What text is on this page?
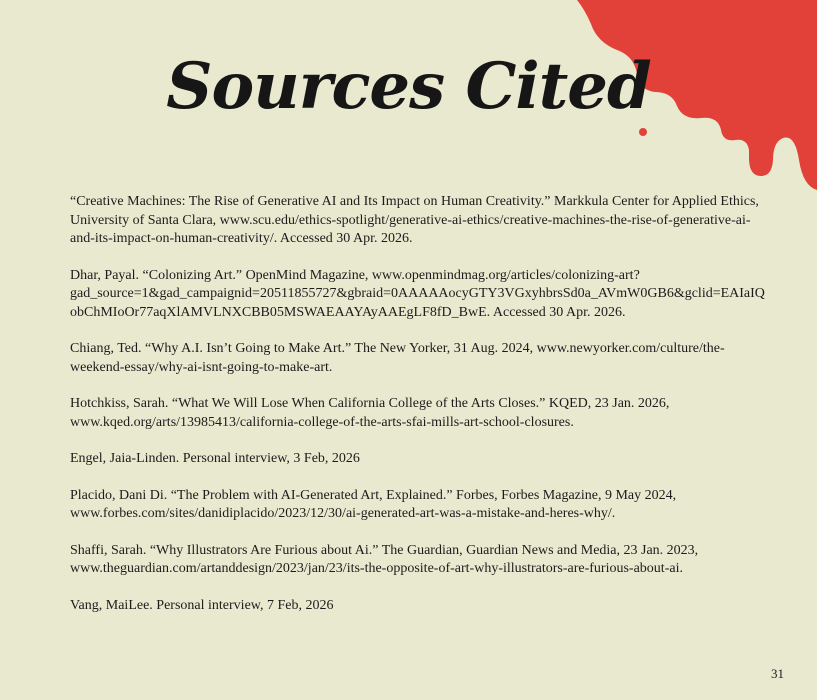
Sources Cited
“Creative Machines: The Rise of Generative AI and Its Impact on Human Creativity.” Markkula Center for Applied Ethics, University of Santa Clara, www.scu.edu/ethics-spotlight/generative-ai-ethics/creative-machines-the-rise-of-generative-ai-and-its-impact-on-human-creativity/. Accessed 30 Apr. 2026.
Dhar, Payal. “Colonizing Art.” OpenMind Magazine, www.openmindmag.org/articles/colonizing-art?gad_source=1&gad_campaignid=20511855727&gbraid=0AAAAAocyGTY3VGxyhbrsSd0a_AVmW0GB6&gclid=EAIaIQobChMIoOr77aqXlAMVLNXCBB05MSWAEAAYAyAAEgLF8fD_BwE. Accessed 30 Apr. 2026.
Chiang, Ted. “Why A.I. Isn’t Going to Make Art.” The New Yorker, 31 Aug. 2024, www.newyorker.com/culture/the-weekend-essay/why-ai-isnt-going-to-make-art.
Hotchkiss, Sarah. “What We Will Lose When California College of the Arts Closes.” KQED, 23 Jan. 2026, www.kqed.org/arts/13985413/california-college-of-the-arts-sfai-mills-art-school-closures.
Engel, Jaia-Linden. Personal interview, 3 Feb, 2026
Placido, Dani Di. “The Problem with AI-Generated Art, Explained.” Forbes, Forbes Magazine, 9 May 2024, www.forbes.com/sites/danidiplacido/2023/12/30/ai-generated-art-was-a-mistake-and-heres-why/.
Shaffi, Sarah. “Why Illustrators Are Furious about Ai.” The Guardian, Guardian News and Media, 23 Jan. 2023, www.theguardian.com/artanddesign/2023/jan/23/its-the-opposite-of-art-why-illustrators-are-furious-about-ai.
Vang, MaiLee. Personal interview, 7 Feb, 2026
31
